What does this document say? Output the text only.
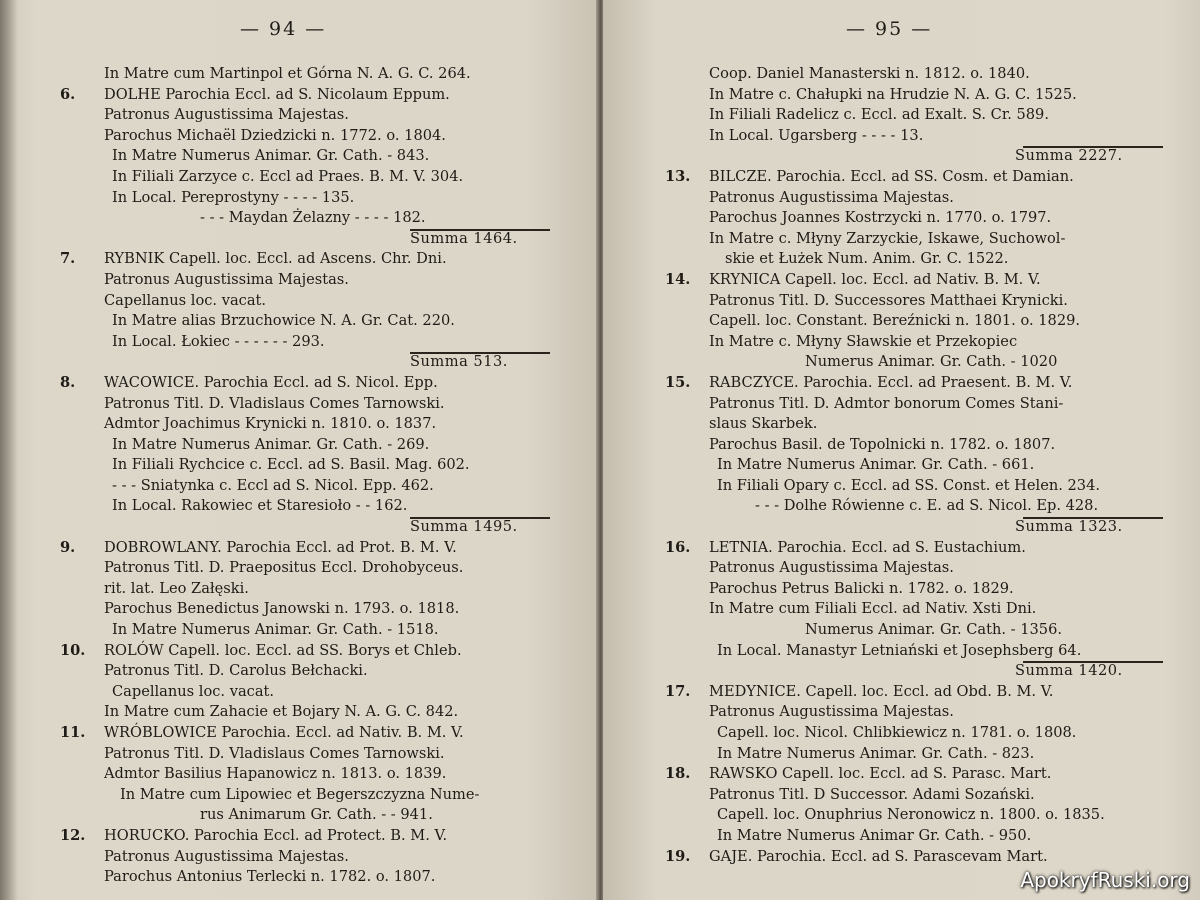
— 94 —
In Matre cum Martinpol et Górna N. A. G. C. 264.
6.	DOLHE Parochia Eccl. ad S. Nicolaum Eppum.
Patronus Augustissima Majestas.
Parochus Michaël Dziedzicki n. 1772. o. 1804.
In Matre Numerus Animar. Gr. Cath. - 843.
In Filiali Zarzyce c. Eccl ad Praes. B. M. V. 304.
In Local. Pereprostyny - - - - 135.
- - - Maydan Żelazny - - - - 182.
Summa 1464.
7.	RYBNIK Capell. loc. Eccl. ad Ascens. Chr. Dni.
Patronus Augustissima Majestas.
Capellanus loc. vacat.
In Matre alias Brzuchowice N. A. Gr. Cat. 220.
In Local. Łokiec - - - - - - 293.
Summa 513.
8.	WACOWICE. Parochia Eccl. ad S. Nicol. Epp.
Patronus Titl. D. Vladislaus Comes Tarnowski.
Admtor Joachimus Krynicki n. 1810. o. 1837.
In Matre Numerus Animar. Gr. Cath. - 269.
In Filiali Rychcice c. Eccl. ad S. Basil. Mag. 602.
- - - Sniatynka c. Eccl ad S. Nicol. Epp. 462.
In Local. Rakowiec et Staresioło - - 162.
Summa 1495.
9.	DOBROWLANY. Parochia Eccl. ad Prot. B. M. V.
Patronus Titl. D. Praepositus Eccl. Drohobyceus.
rit. lat. Leo Załęski.
Parochus Benedictus Janowski n. 1793. o. 1818.
In Matre Numerus Animar. Gr. Cath. - 1518.
10.	ROLÓW Capell. loc. Eccl. ad SS. Borys et Chleb.
Patronus Titl. D. Carolus Bełchacki.
Capellanus loc. vacat.
In Matre cum Zahacie et Bojary N. A. G. C. 842.
11.	WRÓBLOWICE Parochia. Eccl. ad Nativ. B. M. V.
Patronus Titl. D. Vladislaus Comes Tarnowski.
Admtor Basilius Hapanowicz n. 1813. o. 1839.
In Matre cum Lipowiec et Begerszczyzna Nume-
rus Animarum Gr. Cath. - - 941.
12.	HORUCKO. Parochia Eccl. ad Protect. B. M. V.
Patronus Augustissima Majestas.
Parochus Antonius Terlecki n. 1782. o. 1807.
— 95 —
Coop. Daniel Manasterski n. 1812. o. 1840.
In Matre c. Chałupki na Hrudzie N. A. G. C. 1525.
In Filiali Radelicz c. Eccl. ad Exalt. S. Cr. 589.
In Local. Ugarsberg - - - - 13.
Summa 2227.
13.	BILCZE. Parochia. Eccl. ad SS. Cosm. et Damian.
Patronus Augustissima Majestas.
Parochus Joannes Kostrzycki n. 1770. o. 1797.
In Matre c. Młyny Zarzyckie, Iskawe, Suchowol-
skie et Łużek Num. Anim. Gr. C. 1522.
14.	KRYNICA Capell. loc. Eccl. ad Nativ. B. M. V.
Patronus Titl. D. Successores Matthaei Krynicki.
Capell. loc. Constant. Bereźnicki n. 1801. o. 1829.
In Matre c. Młyny Sławskie et Przekopiec
Numerus Animar. Gr. Cath. - 1020
15.	RABCZYCE. Parochia. Eccl. ad Praesent. B. M. V.
Patronus Titl. D. Admtor bonorum Comes Stani-
slaus Skarbek.
Parochus Basil. de Topolnicki n. 1782. o. 1807.
In Matre Numerus Animar. Gr. Cath. - 661.
In Filiali Opary c. Eccl. ad SS. Const. et Helen. 234.
- - - Dolhe Rówienne c. E. ad S. Nicol. Ep. 428.
Summa 1323.
16.	LETNIA. Parochia. Eccl. ad S. Eustachium.
Patronus Augustissima Majestas.
Parochus Petrus Balicki n. 1782. o. 1829.
In Matre cum Filiali Eccl. ad Nativ. Xsti Dni.
Numerus Animar. Gr. Cath. - 1356.
In Local. Manastyr Letniański et Josephsberg 64.
Summa 1420.
17.	MEDYNICE. Capell. loc. Eccl. ad Obd. B. M. V.
Patronus Augustissima Majestas.
Capell. loc. Nicol. Chlibkiewicz n. 1781. o. 1808.
In Matre Numerus Animar. Gr. Cath. - 823.
18.	RAWSKO Capell. loc. Eccl. ad S. Parasc. Mart.
Patronus Titl. D Successor. Adami Sozański.
Capell. loc. Onuphrius Neronowicz n. 1800. o. 1835.
In Matre Numerus Animar Gr. Cath. - 950.
19.	GAJE. Parochia. Eccl. ad S. Parascevam Mart.
ApokryfRuski.org
